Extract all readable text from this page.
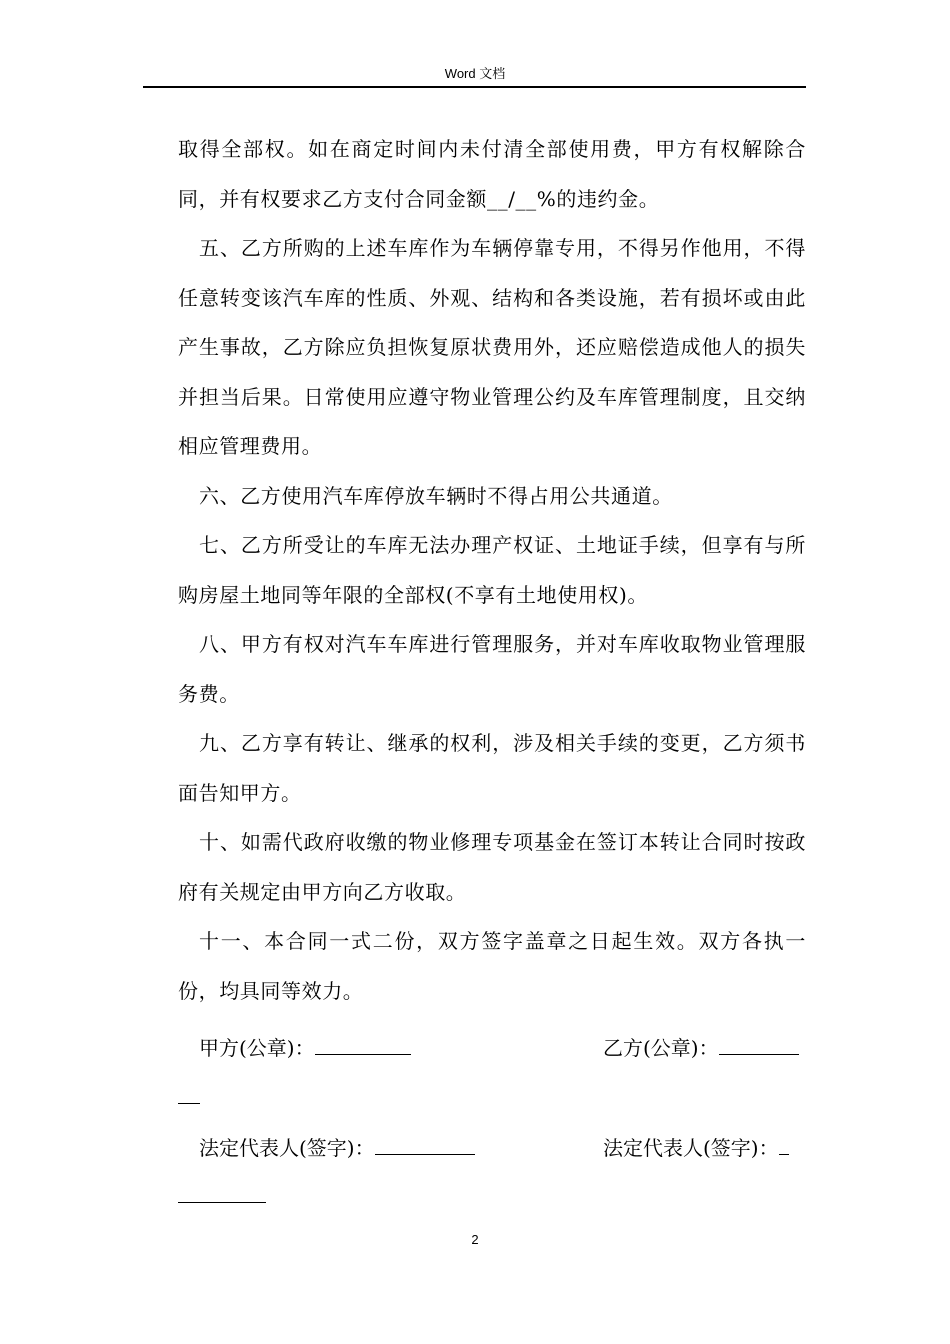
Word 文档

取得全部权。如在商定时间内未付清全部使用费，甲方有权解除合同，并有权要求乙方支付合同金额__/__%的违约金。

五、乙方所购的上述车库作为车辆停靠专用，不得另作他用，不得任意转变该汽车库的性质、外观、结构和各类设施，若有损坏或由此产生事故，乙方除应负担恢复原状费用外，还应赔偿造成他人的损失并担当后果。日常使用应遵守物业管理公约及车库管理制度，且交纳相应管理费用。

六、乙方使用汽车库停放车辆时不得占用公共通道。

七、乙方所受让的车库无法办理产权证、土地证手续，但享有与所购房屋土地同等年限的全部权(不享有土地使用权)。

八、甲方有权对汽车车库进行管理服务，并对车库收取物业管理服务费。

九、乙方享有转让、继承的权利，涉及相关手续的变更，乙方须书面告知甲方。

十、如需代政府收缴的物业修理专项基金在签订本转让合同时按政府有关规定由甲方向乙方收取。

十一、本合同一式二份，双方签字盖章之日起生效。双方各执一份，均具同等效力。

甲方(公章)：	乙方(公章)：
法定代表人(签字)：	法定代表人(签字)：
2
